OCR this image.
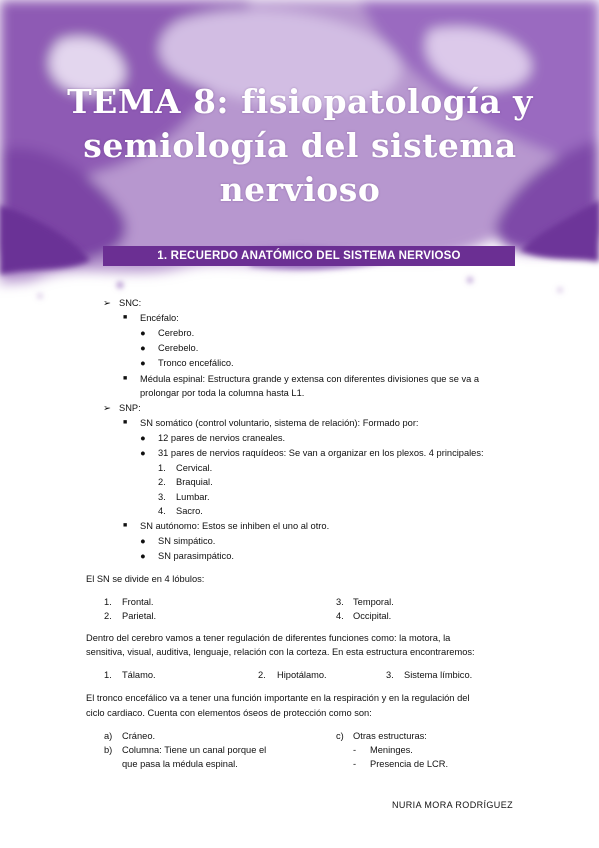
TEMA 8: fisiopatología y
semiología del sistema
nervioso
1. RECUERDO ANATÓMICO DEL SISTEMA NERVIOSO
➢ SNC:
■ Encéfalo:
● Cerebro.
● Cerebelo.
● Tronco encefálico.
■ Médula espinal: Estructura grande y extensa con diferentes divisiones que se va a
prolongar por toda la columna hasta L1.
➢ SNP:
■ SN somático (control voluntario, sistema de relación): Formado por:
● 12 pares de nervios craneales.
● 31 pares de nervios raquídeos: Se van a organizar en los plexos. 4 principales:
1. Cervical.
2. Braquial.
3. Lumbar.
4. Sacro.
■ SN autónomo: Estos se inhiben el uno al otro.
● SN simpático.
● SN parasimpático.
El SN se divide en 4 lóbulos:
1. Frontal.
2. Parietal.
3. Temporal.
4. Occipital.
Dentro del cerebro vamos a tener regulación de diferentes funciones como: la motora, la
sensitiva, visual, auditiva, lenguaje, relación con la corteza. En esta estructura encontraremos:
1. Tálamo.	2. Hipotálamo.	3. Sistema límbico.
El tronco encefálico va a tener una función importante en la respiración y en la regulación del
ciclo cardiaco. Cuenta con elementos óseos de protección como son:
a) Cráneo.
b) Columna: Tiene un canal porque el
que pasa la médula espinal.
c) Otras estructuras:
- Meninges.
- Presencia de LCR.
NURIA MORA RODRÍGUEZ
